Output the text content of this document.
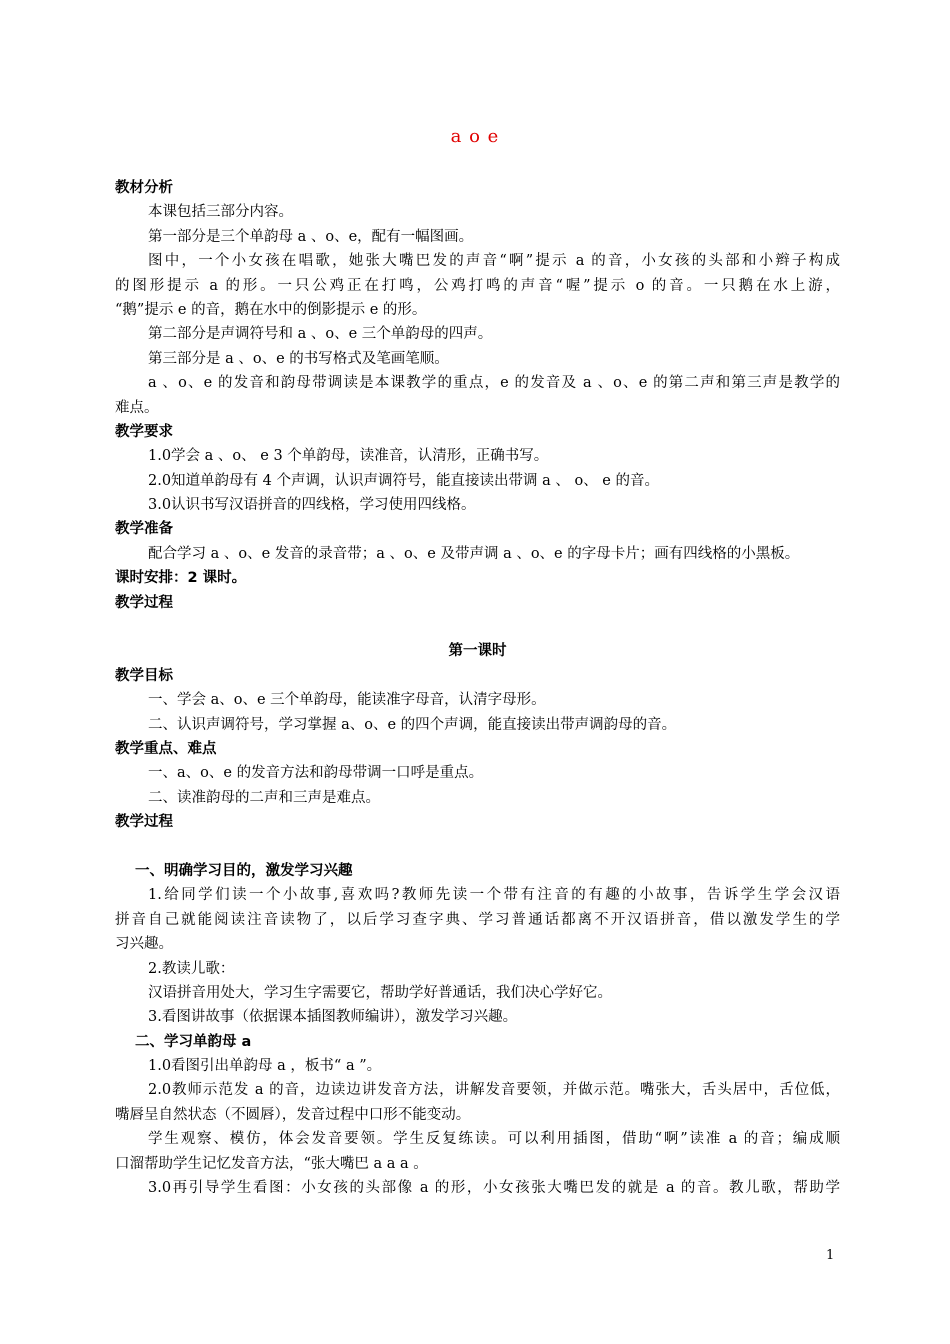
a o e
教材分析
本课包括三部分内容。
第一部分是三个单韵母 a 、o、e，配有一幅图画。
图中，一个小女孩在唱歌，她张大嘴巴发的声音“啊”提示 a 的音，小女孩的头部和小辫子构成
的图形提示 a 的形。一只公鸡正在打鸣，公鸡打鸣的声音“喔”提示 o 的音。一只鹅在水上游，
“鹅”提示 e 的音，鹅在水中的倒影提示 e 的形。
第二部分是声调符号和 a 、o、e 三个单韵母的四声。
第三部分是 a 、o、e 的书写格式及笔画笔顺。
a 、o、e 的发音和韵母带调读是本课教学的重点，e 的发音及 a 、o、e 的第二声和第三声是教学的
难点。
教学要求
1.0学会 a 、o、 e 3 个单韵母，读准音，认清形，正确书写。
2.0知道单韵母有 4 个声调，认识声调符号，能直接读出带调 a 、 o、 e 的音。
3.0认识书写汉语拼音的四线格，学习使用四线格。
教学准备
配合学习 a 、o、e 发音的录音带；a 、o、e 及带声调 a 、o、e 的字母卡片；画有四线格的小黑板。
课时安排：2 课时。
教学过程
第一课时
教学目标
一、学会 a、o、e 三个单韵母，能读准字母音，认清字母形。
二、认识声调符号，学习掌握 a、o、e 的四个声调，能直接读出带声调韵母的音。
教学重点、难点
一、a、o、e 的发音方法和韵母带调一口呼是重点。
二、读准韵母的二声和三声是难点。
教学过程
一、明确学习目的，激发学习兴趣
1.给同学们读一个小故事,喜欢吗?教师先读一个带有注音的有趣的小故事，告诉学生学会汉语
拼音自己就能阅读注音读物了，以后学习查字典、学习普通话都离不开汉语拼音，借以激发学生的学
习兴趣。
2.教读儿歌：
汉语拼音用处大，学习生字需要它，帮助学好普通话，我们决心学好它。
3.看图讲故事（依据课本插图教师编讲），激发学习兴趣。
二、学习单韵母 a
1.0看图引出单韵母 a ，板书“ a ”。
2.0教师示范发 a 的音，边读边讲发音方法，讲解发音要领，并做示范。嘴张大，舌头居中，舌位低，
嘴唇呈自然状态（不圆唇），发音过程中口形不能变动。
学生观察、模仿，体会发音要领。学生反复练读。可以利用插图，借助“啊”读准 a 的音；编成顺
口溜帮助学生记忆发音方法，“张大嘴巴 a a a 。
3.0再引导学生看图：小女孩的头部像 a 的形，小女孩张大嘴巴发的就是 a 的音。教儿歌，帮助学
1
